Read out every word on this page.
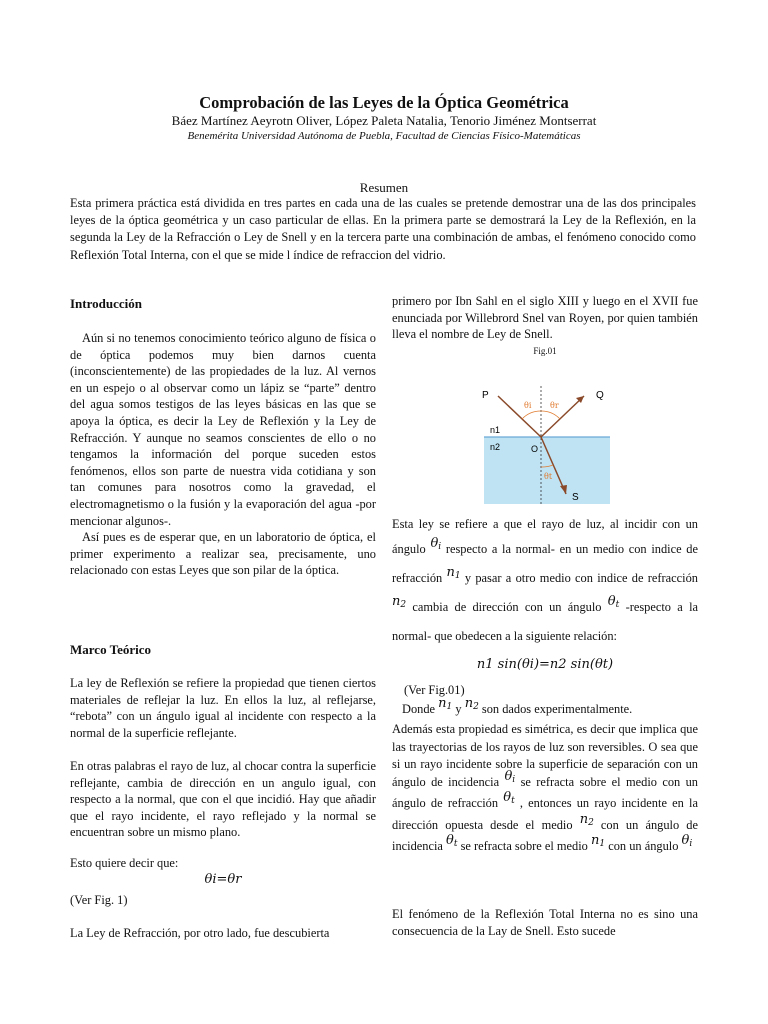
Comprobación de las Leyes de la Óptica Geométrica
Báez Martínez Aeyrotn Oliver, López Paleta Natalia, Tenorio Jiménez Montserrat
Benemérita Universidad Autónoma de Puebla, Facultad de Ciencias Físico-Matemáticas
Resumen
Esta primera práctica está dividida en tres partes en cada una de las cuales se pretende demostrar una de las dos principales leyes de la óptica geométrica y un caso particular de ellas. En la primera parte se demostrará la Ley de la Reflexión, en la segunda la Ley de la Refracción o Ley de Snell y en la tercera parte una combinación de ambas, el fenómeno conocido como Reflexión Total Interna, con el que se mide l índice de refraccion del vidrio.
Introducción

Aún si no tenemos conocimiento teórico alguno de física o de óptica podemos muy bien darnos cuenta (inconscientemente) de las propiedades de la luz. Al vernos en un espejo o al observar como un lápiz se “parte” dentro del agua somos testigos de las leyes básicas en las que se apoya la óptica, es decir la Ley de Reflexión y la Ley de Refracción. Y aunque no seamos conscientes de ello o no tengamos la información del porque suceden estos fenómenos, ellos son parte de nuestra vida cotidiana y son tan comunes para nosotros como la gravedad, el electromagnetismo o la fusión y la evaporación del agua -por mencionar algunos-.

Así pues es de esperar que, en un laboratorio de óptica, el primer experimento a realizar sea, precisamente, uno relacionado con estas Leyes que son pilar de la óptica.

Marco Teórico
La ley de Reflexión se refiere la propiedad que tienen ciertos materiales de reflejar la luz. En ellos la luz, al reflejarse, “rebota” con un ángulo igual al incidente con respecto a la normal de la superficie reflejante.
En otras palabras el rayo de luz, al chocar contra la superficie reflejante, cambia de dirección en un angulo igual, con respecto a la normal, que con el que incidió. Hay que añadir que el rayo incidente, el rayo reflejado y la normal se encuentran sobre un mismo plano.
Esto quiere decir que:
θi=θr
(Ver Fig. 1)
La Ley de Refracción, por otro lado, fue descubierta
primero por Ibn Sahl en el siglo XIII y luego en el XVII fue enunciada por Willebrord Snel van Royen, por quien también lleva el nombre de Ley de Snell.
Fig.01
P	Q
S
O
n1
n2
θi θr
θt
Esta ley se refiere a que el rayo de luz, al incidir con un ángulo $\theta_i$ respecto a la normal- en un medio con indice de refracción $n_1$ y pasar a otro medio con indice de refracción $n_2$ cambia de dirección con un ángulo $\theta_t$ -respecto a la normal- que obedecen a la siguiente relación:
n1 sin(θi)=n2 sin(θt)
(Ver Fig.01)
Donde $n_1$ y $n_2$ son dados experimentalmente.
Además esta propiedad es simétrica, es decir que implica que las trayectorias de los rayos de luz son reversibles. O sea que si un rayo incidente sobre la superficie de separación con un ángulo de incidencia $\theta_i$ se refracta sobre el medio con un ángulo de refracción $\theta_t$ , entonces un rayo incidente en la dirección opuesta desde el medio $n_2$ con un ángulo de incidencia $\theta_t$ se refracta sobre el medio $n_1$ con un ángulo $\theta_i$
El fenómeno de la Reflexión Total Interna no es sino una consecuencia de la Lay de Snell. Esto sucede
